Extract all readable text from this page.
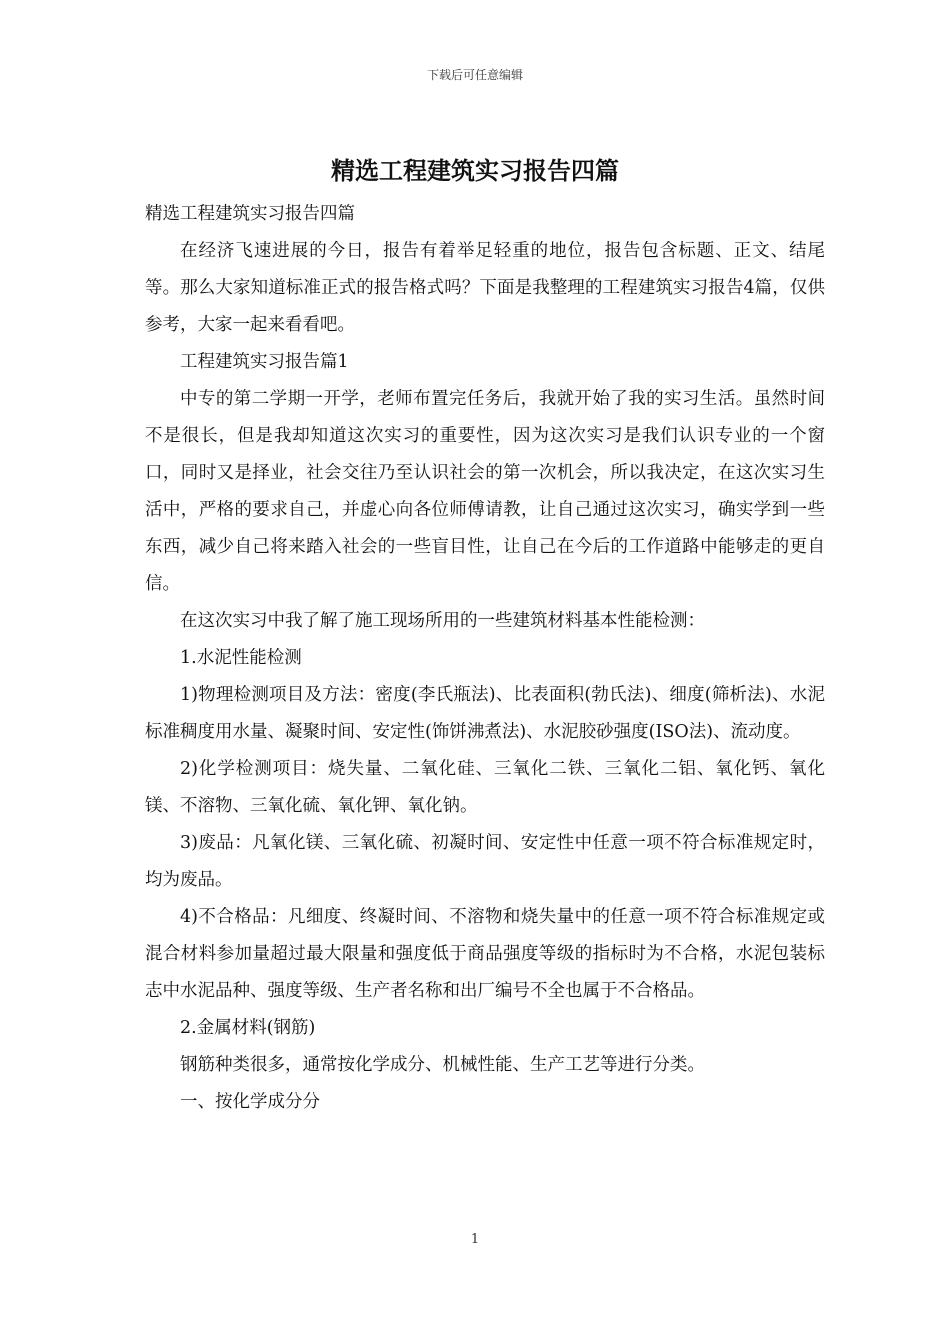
下载后可任意编辑
精选工程建筑实习报告四篇

精选工程建筑实习报告四篇

在经济飞速进展的今日，报告有着举足轻重的地位，报告包含标题、正文、结尾等。那么大家知道标准正式的报告格式吗？下面是我整理的工程建筑实习报告4篇，仅供参考，大家一起来看看吧。

工程建筑实习报告篇1

中专的第二学期一开学，老师布置完任务后，我就开始了我的实习生活。虽然时间不是很长，但是我却知道这次实习的重要性，因为这次实习是我们认识专业的一个窗口，同时又是择业，社会交往乃至认识社会的第一次机会，所以我决定，在这次实习生活中，严格的要求自己，并虚心向各位师傅请教，让自己通过这次实习，确实学到一些东西，减少自己将来踏入社会的一些盲目性，让自己在今后的工作道路中能够走的更自信。

在这次实习中我了解了施工现场所用的一些建筑材料基本性能检测：

1.水泥性能检测

1)物理检测项目及方法：密度(李氏瓶法)、比表面积(勃氏法)、细度(筛析法)、水泥标准稠度用水量、凝聚时间、安定性(饰饼沸煮法)、水泥胶砂强度(ISO法)、流动度。

2)化学检测项目：烧失量、二氧化硅、三氧化二铁、三氧化二铝、氧化钙、氧化镁、不溶物、三氧化硫、氧化钾、氧化钠。

3)废品：凡氧化镁、三氧化硫、初凝时间、安定性中任意一项不符合标准规定时，均为废品。

4)不合格品：凡细度、终凝时间、不溶物和烧失量中的任意一项不符合标准规定或混合材料参加量超过最大限量和强度低于商品强度等级的指标时为不合格，水泥包装标志中水泥品种、强度等级、生产者名称和出厂编号不全也属于不合格品。

2.金属材料(钢筋)

钢筋种类很多，通常按化学成分、机械性能、生产工艺等进行分类。

一、按化学成分分

1
